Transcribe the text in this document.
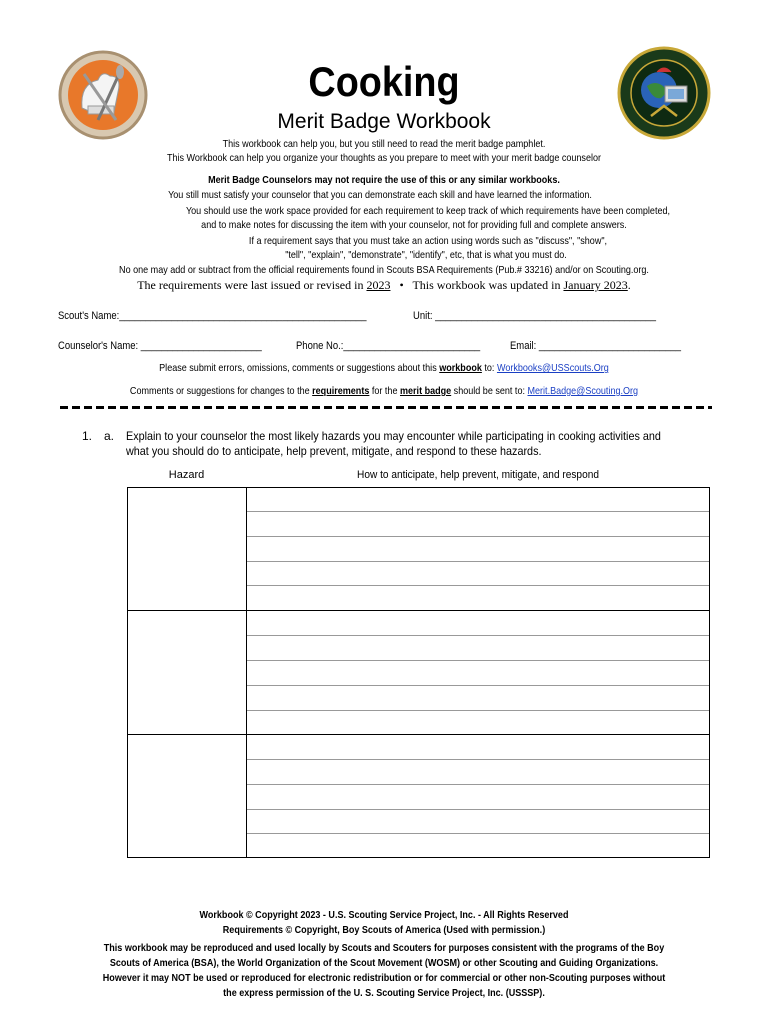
Cooking
Merit Badge Workbook
This workbook can help you, but you still need to read the merit badge pamphlet.
This Workbook can help you organize your thoughts as you prepare to meet with your merit badge counselor
Merit Badge Counselors may not require the use of this or any similar workbooks.
You still must satisfy your counselor that you can demonstrate each skill and have learned the information.
You should use the work space provided for each requirement to keep track of which requirements have been completed,
and to make notes for discussing the item with your counselor, not for providing full and complete answers.
If a requirement says that you must take an action using words such as "discuss", "show",
"tell", "explain", "demonstrate", "identify", etc, that is what you must do.
No one may add or subtract from the official requirements found in Scouts BSA Requirements (Pub.# 33216) and/or on Scouting.org.
The requirements were last issued or revised in 2023 • This workbook was updated in January 2023.
Scout's Name:_______________________________________________	Unit: __________________________________________
Counselor's Name: _______________________	Phone No.:__________________________	Email: ___________________________
Please submit errors, omissions, comments or suggestions about this workbook to: Workbooks@USScouts.Org
Comments or suggestions for changes to the requirements for the merit badge should be sent to: Merit.Badge@Scouting.Org
1. a. Explain to your counselor the most likely hazards you may encounter while participating in cooking activities and
what you should do to anticipate, help prevent, mitigate, and respond to these hazards.
Hazard	How to anticipate, help prevent, mitigate, and respond

Workbook © Copyright 2023 - U.S. Scouting Service Project, Inc. - All Rights Reserved
Requirements © Copyright, Boy Scouts of America (Used with permission.)
This workbook may be reproduced and used locally by Scouts and Scouters for purposes consistent with the programs of the Boy
Scouts of America (BSA), the World Organization of the Scout Movement (WOSM) or other Scouting and Guiding Organizations.
However it may NOT be used or reproduced for electronic redistribution or for commercial or other non-Scouting purposes without
the express permission of the U. S. Scouting Service Project, Inc. (USSSP).
